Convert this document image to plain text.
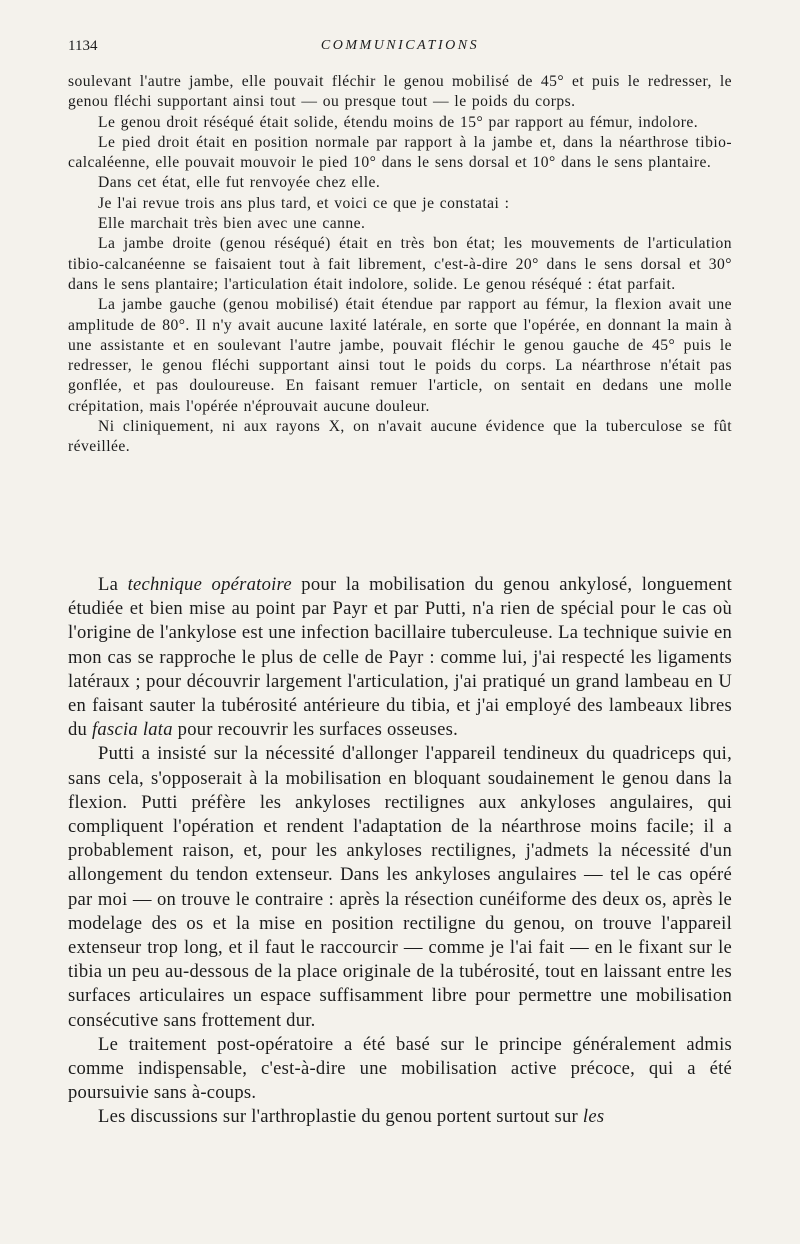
1134	COMMUNICATIONS

soulevant l'autre jambe, elle pouvait fléchir le genou mobilisé de 45° et puis le redresser, le genou fléchi supportant ainsi tout — ou presque tout — le poids du corps.

Le genou droit réséqué était solide, étendu moins de 15° par rapport au fémur, indolore.

Le pied droit était en position normale par rapport à la jambe et, dans la néarthrose tibio-calcaléenne, elle pouvait mouvoir le pied 10° dans le sens dorsal et 10° dans le sens plantaire.

Dans cet état, elle fut renvoyée chez elle.

Je l'ai revue trois ans plus tard, et voici ce que je constatai :

Elle marchait très bien avec une canne.

La jambe droite (genou réséqué) était en très bon état; les mouvements de l'articulation tibio-calcanéenne se faisaient tout à fait librement, c'est-à-dire 20° dans le sens dorsal et 30° dans le sens plantaire; l'articulation était indolore, solide. Le genou réséqué : état parfait.

La jambe gauche (genou mobilisé) était étendue par rapport au fémur, la flexion avait une amplitude de 80°. Il n'y avait aucune laxité latérale, en sorte que l'opérée, en donnant la main à une assistante et en soulevant l'autre jambe, pouvait fléchir le genou gauche de 45° puis le redresser, le genou fléchi supportant ainsi tout le poids du corps. La néarthrose n'était pas gonflée, et pas douloureuse. En faisant remuer l'article, on sentait en dedans une molle crépitation, mais l'opérée n'éprouvait aucune douleur.

Ni cliniquement, ni aux rayons X, on n'avait aucune évidence que la tuberculose se fût réveillée.

La technique opératoire pour la mobilisation du genou ankylosé, longuement étudiée et bien mise au point par Payr et par Putti, n'a rien de spécial pour le cas où l'origine de l'ankylose est une infection bacillaire tuberculeuse. La technique suivie en mon cas se rapproche le plus de celle de Payr : comme lui, j'ai respecté les ligaments latéraux ; pour découvrir largement l'articulation, j'ai pratiqué un grand lambeau en U en faisant sauter la tubérosité antérieure du tibia, et j'ai employé des lambeaux libres du fascia lata pour recouvrir les surfaces osseuses.

Putti a insisté sur la nécessité d'allonger l'appareil tendineux du quadriceps qui, sans cela, s'opposerait à la mobilisation en bloquant soudainement le genou dans la flexion. Putti préfère les ankyloses rectilignes aux ankyloses angulaires, qui compliquent l'opération et rendent l'adaptation de la néarthrose moins facile; il a probablement raison, et, pour les ankyloses rectilignes, j'admets la nécessité d'un allongement du tendon extenseur. Dans les ankyloses angulaires — tel le cas opéré par moi — on trouve le contraire : après la résection cunéiforme des deux os, après le modelage des os et la mise en position rectiligne du genou, on trouve l'appareil extenseur trop long, et il faut le raccourcir — comme je l'ai fait — en le fixant sur le tibia un peu au-dessous de la place originale de la tubérosité, tout en laissant entre les surfaces articulaires un espace suffisamment libre pour permettre une mobilisation consécutive sans frottement dur.

Le traitement post-opératoire a été basé sur le principe généralement admis comme indispensable, c'est-à-dire une mobilisation active précoce, qui a été poursuivie sans à-coups.

Les discussions sur l'arthroplastie du genou portent surtout sur les
